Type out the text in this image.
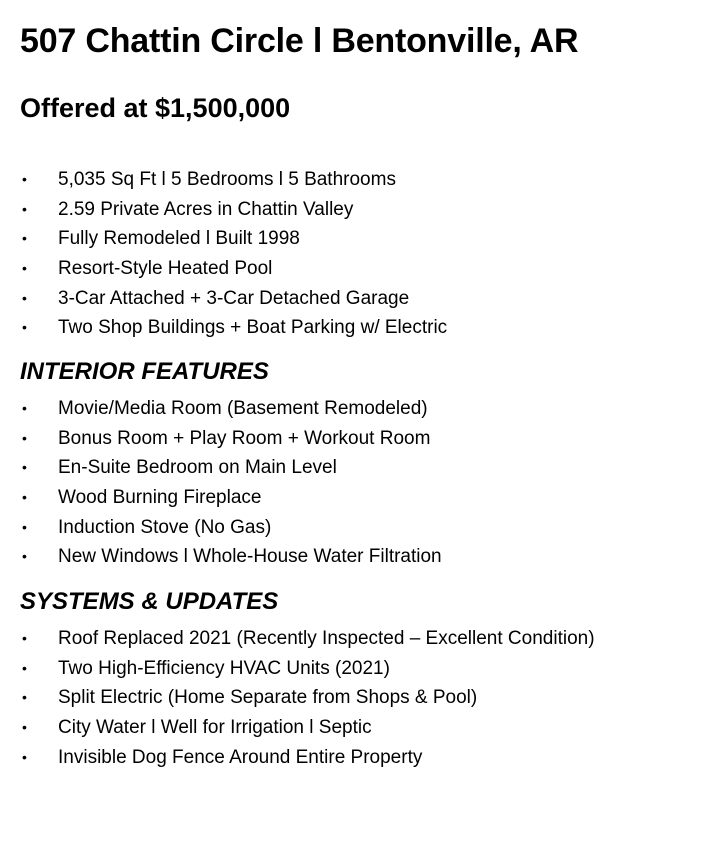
507 Chattin Circle l Bentonville, AR
Offered at $1,500,000
• 5,035 Sq Ft l 5 Bedrooms l 5 Bathrooms
• 2.59 Private Acres in Chattin Valley
• Fully Remodeled l Built 1998
• Resort-Style Heated Pool
• 3-Car Attached + 3-Car Detached Garage
• Two Shop Buildings + Boat Parking w/ Electric
INTERIOR FEATURES
• Movie/Media Room (Basement Remodeled)
• Bonus Room + Play Room + Workout Room
• En-Suite Bedroom on Main Level
• Wood Burning Fireplace
• Induction Stove (No Gas)
• New Windows l Whole-House Water Filtration
SYSTEMS & UPDATES
• Roof Replaced 2021 (Recently Inspected – Excellent Condition)
• Two High-Efficiency HVAC Units (2021)
• Split Electric (Home Separate from Shops & Pool)
• City Water l Well for Irrigation l Septic
• Invisible Dog Fence Around Entire Property
